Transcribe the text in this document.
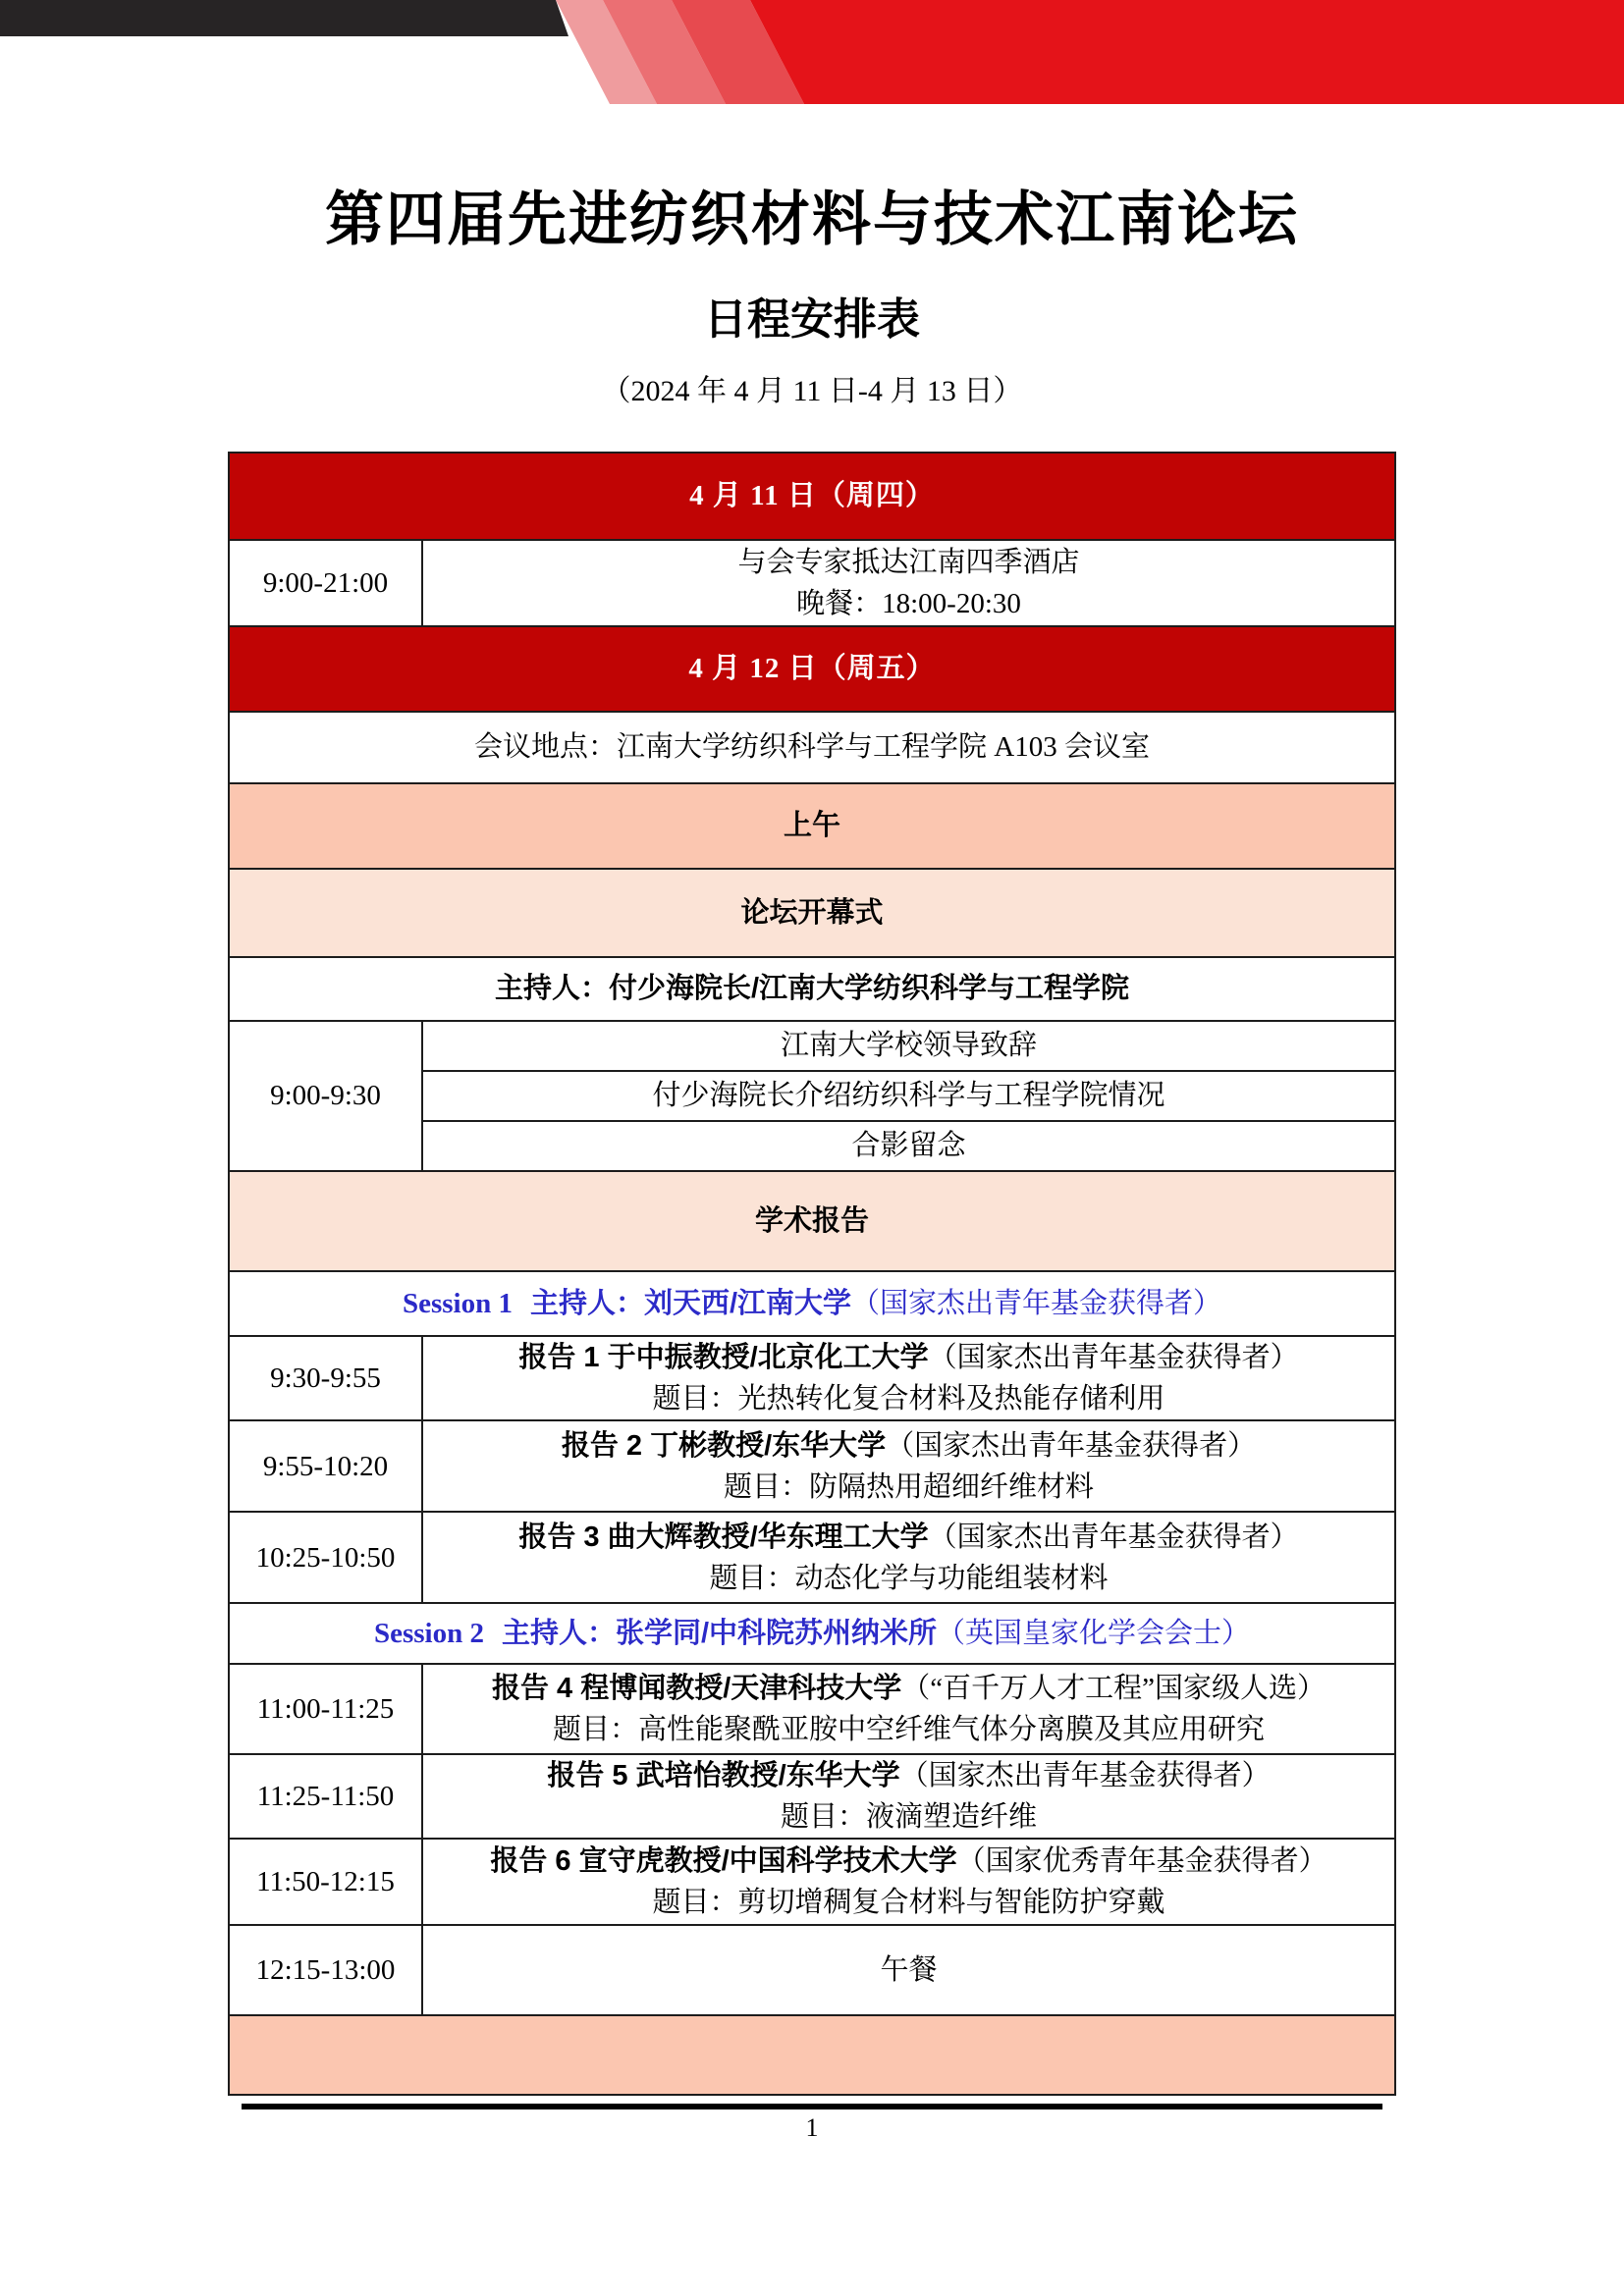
第四届先进纺织材料与技术江南论坛
日程安排表
（2024 年 4 月 11 日-4 月 13 日）
4 月 11 日（周四）	
9:00-21:00	与会专家抵达江南四季酒店
晚餐：18:00-20:30

4 月 12 日（周五）	
会议地点：江南大学纺织科学与工程学院 A103 会议室	
上午	
论坛开幕式	
主持人：付少海院长/江南大学纺织科学与工程学院	
9:00-9:30	江南大学校领导致辞
	付少海院长介绍纺织科学与工程学院情况
	合影留念
学术报告	
Session 1 主持人：刘天西/江南大学（国家杰出青年基金获得者）	
9:30-9:55	报告 1 于中振教授/北京化工大学（国家杰出青年基金获得者）
题目：光热转化复合材料及热能存储利用

9:55-10:20	报告 2 丁彬教授/东华大学（国家杰出青年基金获得者）
题目：防隔热用超细纤维材料

10:25-10:50	报告 3 曲大辉教授/华东理工大学（国家杰出青年基金获得者）
题目：动态化学与功能组装材料

Session 2 主持人：张学同/中科院苏州纳米所（英国皇家化学会会士）	
11:00-11:25	报告 4 程博闻教授/天津科技大学（“百千万人才工程”国家级人选）
题目：高性能聚酰亚胺中空纤维气体分离膜及其应用研究

11:25-11:50	报告 5 武培怡教授/东华大学（国家杰出青年基金获得者）
题目：液滴塑造纤维

11:50-12:15	报告 6 宣守虎教授/中国科学技术大学（国家优秀青年基金获得者）
题目：剪切增稠复合材料与智能防护穿戴

12:15-13:00	午餐

1
